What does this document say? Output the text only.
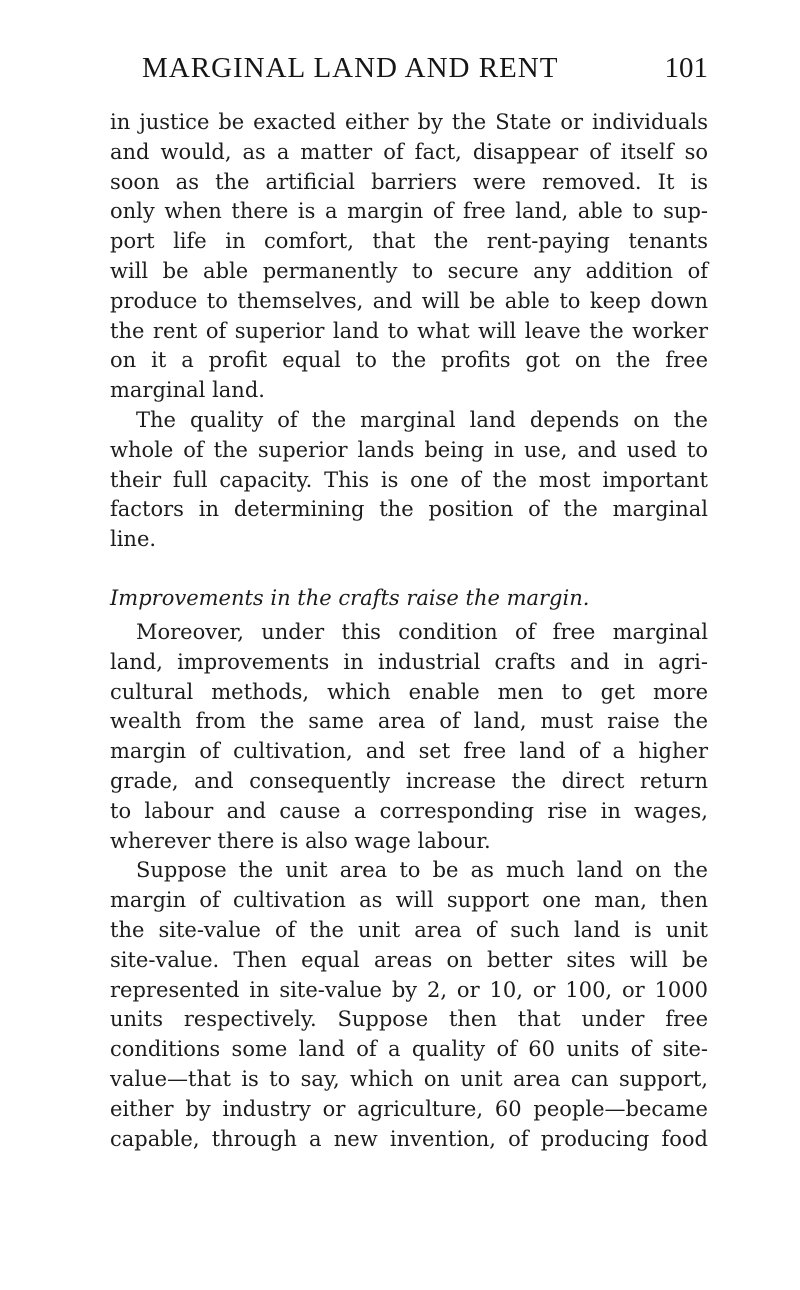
MARGINAL LAND AND RENT	101
in justice be exacted either by the State or individuals
and would, as a matter of fact, disappear of itself so
soon as the artificial barriers were removed. It is
only when there is a margin of free land, able to sup-
port life in comfort, that the rent-paying tenants
will be able permanently to secure any addition of
produce to themselves, and will be able to keep down
the rent of superior land to what will leave the worker
on it a profit equal to the profits got on the free
marginal land.
The quality of the marginal land depends on the
whole of the superior lands being in use, and used to
their full capacity. This is one of the most important
factors in determining the position of the marginal
line.
Improvements in the crafts raise the margin.
Moreover, under this condition of free marginal
land, improvements in industrial crafts and in agri-
cultural methods, which enable men to get more
wealth from the same area of land, must raise the
margin of cultivation, and set free land of a higher
grade, and consequently increase the direct return
to labour and cause a corresponding rise in wages,
wherever there is also wage labour.
Suppose the unit area to be as much land on the
margin of cultivation as will support one man, then
the site-value of the unit area of such land is unit
site-value. Then equal areas on better sites will be
represented in site-value by 2, or 10, or 100, or 1000
units respectively. Suppose then that under free
conditions some land of a quality of 60 units of site-
value—that is to say, which on unit area can support,
either by industry or agriculture, 60 people—became
capable, through a new invention, of producing food
